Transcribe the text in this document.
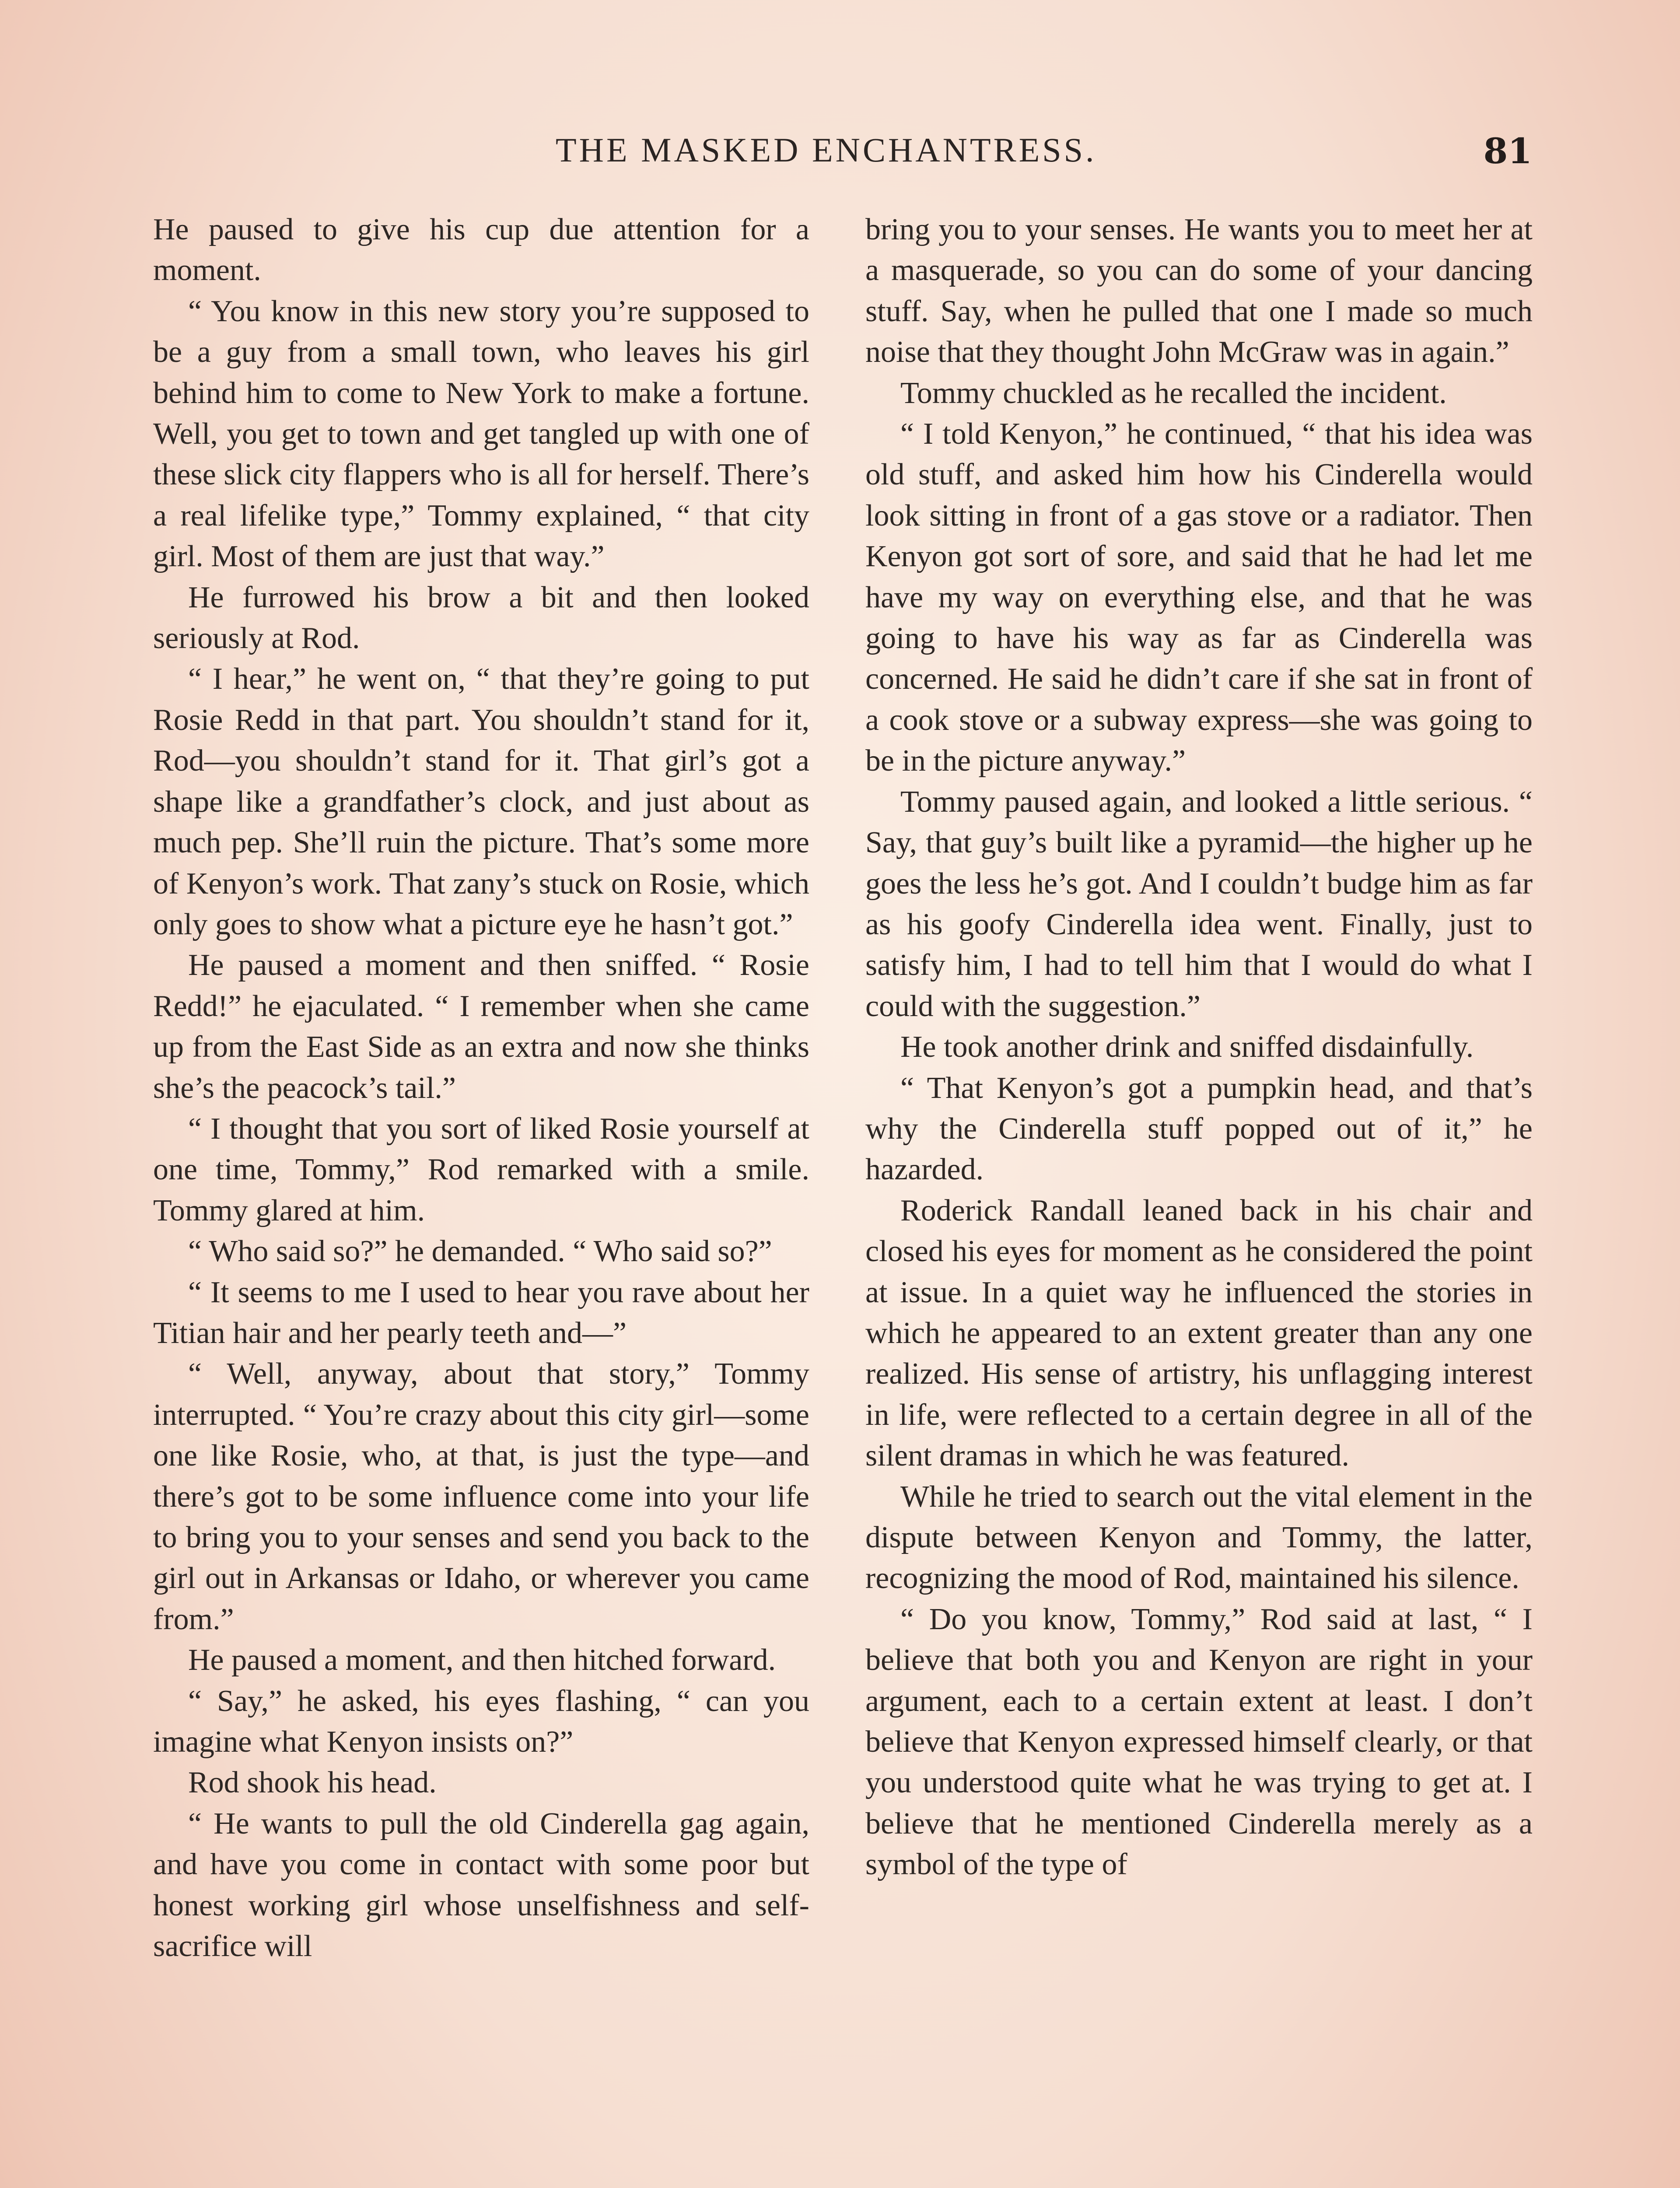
THE MASKED ENCHANTRESS.	81

He paused to give his cup due attention for a moment.

“ You know in this new story you’re supposed to be a guy from a small town, who leaves his girl behind him to come to New York to make a fortune. Well, you get to town and get tangled up with one of these slick city flappers who is all for herself. There’s a real lifelike type,” Tommy explained, “ that city girl. Most of them are just that way.”

He furrowed his brow a bit and then looked seriously at Rod.

“ I hear,” he went on, “ that they’re going to put Rosie Redd in that part. You shouldn’t stand for it, Rod—you shouldn’t stand for it. That girl’s got a shape like a grandfather’s clock, and just about as much pep. She’ll ruin the picture. That’s some more of Kenyon’s work. That zany’s stuck on Rosie, which only goes to show what a picture eye he hasn’t got.”

He paused a moment and then sniffed. “ Rosie Redd!” he ejaculated. “ I remember when she came up from the East Side as an extra and now she thinks she’s the peacock’s tail.”

“ I thought that you sort of liked Rosie yourself at one time, Tommy,” Rod remarked with a smile. Tommy glared at him.

“ Who said so?” he demanded. “ Who said so?”

“ It seems to me I used to hear you rave about her Titian hair and her pearly teeth and—”

“ Well, anyway, about that story,” Tommy interrupted. “ You’re crazy about this city girl—some one like Rosie, who, at that, is just the type—and there’s got to be some influence come into your life to bring you to your senses and send you back to the girl out in Arkansas or Idaho, or wherever you came from.”

He paused a moment, and then hitched forward.

“ Say,” he asked, his eyes flashing, “ can you imagine what Kenyon insists on?”

Rod shook his head.

“ He wants to pull the old Cinderella gag again, and have you come in contact with some poor but honest working girl whose unselfishness and self-sacrifice will

bring you to your senses. He wants you to meet her at a masquerade, so you can do some of your dancing stuff. Say, when he pulled that one I made so much noise that they thought John McGraw was in again.”

Tommy chuckled as he recalled the incident.

“ I told Kenyon,” he continued, “ that his idea was old stuff, and asked him how his Cinderella would look sitting in front of a gas stove or a radiator. Then Kenyon got sort of sore, and said that he had let me have my way on everything else, and that he was going to have his way as far as Cinderella was concerned. He said he didn’t care if she sat in front of a cook stove or a subway express—she was going to be in the picture anyway.”

Tommy paused again, and looked a little serious. “ Say, that guy’s built like a pyramid—the higher up he goes the less he’s got. And I couldn’t budge him as far as his goofy Cinderella idea went. Finally, just to satisfy him, I had to tell him that I would do what I could with the suggestion.”

He took another drink and sniffed disdainfully.

“ That Kenyon’s got a pumpkin head, and that’s why the Cinderella stuff popped out of it,” he hazarded.

Roderick Randall leaned back in his chair and closed his eyes for moment as he considered the point at issue. In a quiet way he influenced the stories in which he appeared to an extent greater than any one realized. His sense of artistry, his unflagging interest in life, were reflected to a certain degree in all of the silent dramas in which he was featured.

While he tried to search out the vital element in the dispute between Kenyon and Tommy, the latter, recognizing the mood of Rod, maintained his silence.

“ Do you know, Tommy,” Rod said at last, “ I believe that both you and Kenyon are right in your argument, each to a certain extent at least. I don’t believe that Kenyon expressed himself clearly, or that you understood quite what he was trying to get at. I believe that he mentioned Cinderella merely as a symbol of the type of
